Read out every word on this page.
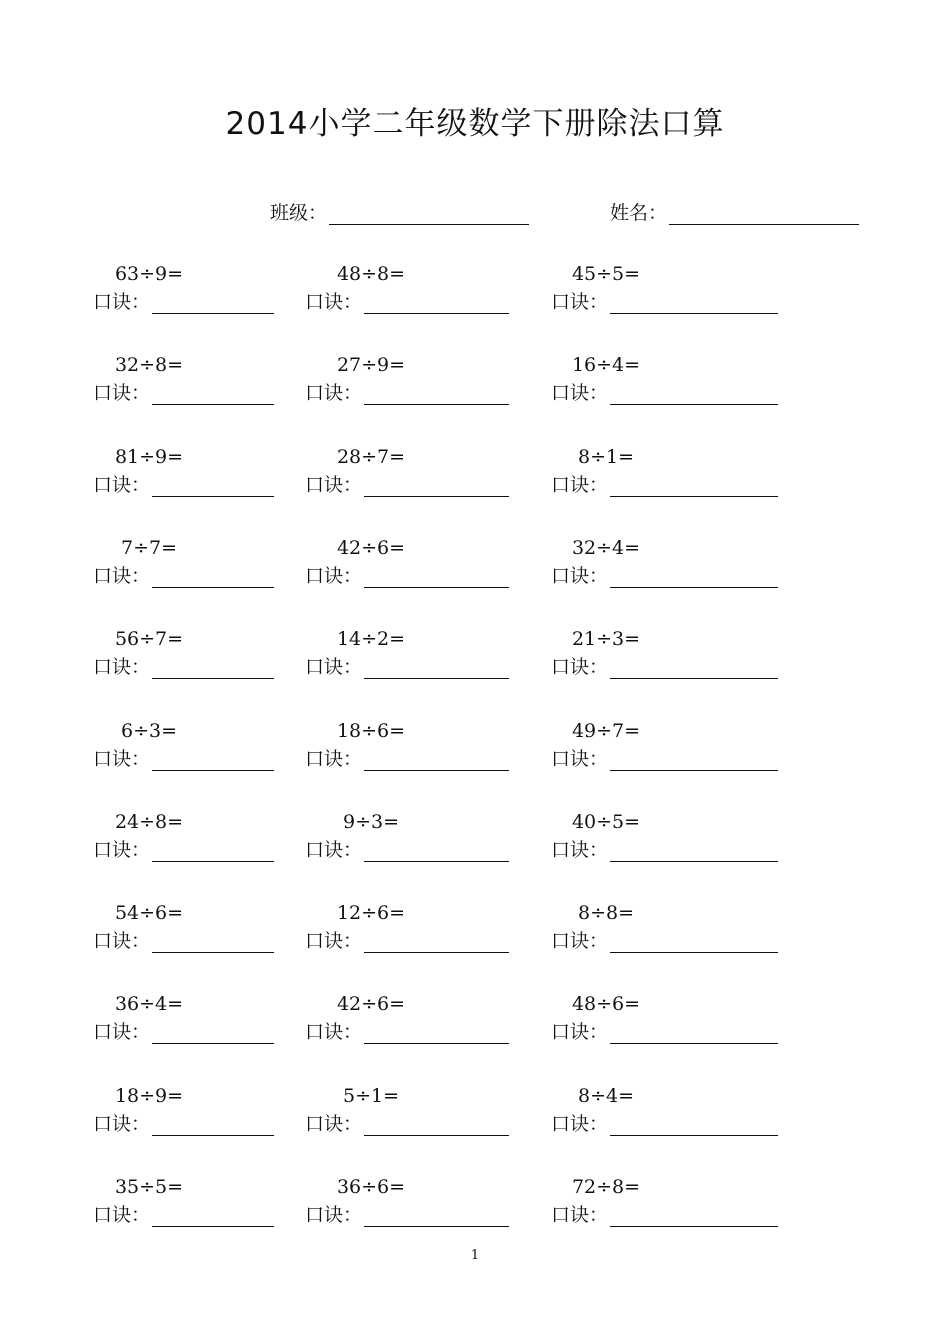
2014小学二年级数学下册除法口算
班级：	姓名：
63÷9=
口诀：
48÷8=
口诀：
45÷5=
口诀：
32÷8=
口诀：
27÷9=
口诀：
16÷4=
口诀：
81÷9=
口诀：
28÷7=
口诀：
8÷1=
口诀：
7÷7=
口诀：
42÷6=
口诀：
32÷4=
口诀：
56÷7=
口诀：
14÷2=
口诀：
21÷3=
口诀：
6÷3=
口诀：
18÷6=
口诀：
49÷7=
口诀：
24÷8=
口诀：
9÷3=
口诀：
40÷5=
口诀：
54÷6=
口诀：
12÷6=
口诀：
8÷8=
口诀：
36÷4=
口诀：
42÷6=
口诀：
48÷6=
口诀：
18÷9=
口诀：
5÷1=
口诀：
8÷4=
口诀：
35÷5=
口诀：
36÷6=
口诀：
72÷8=
口诀：
1
